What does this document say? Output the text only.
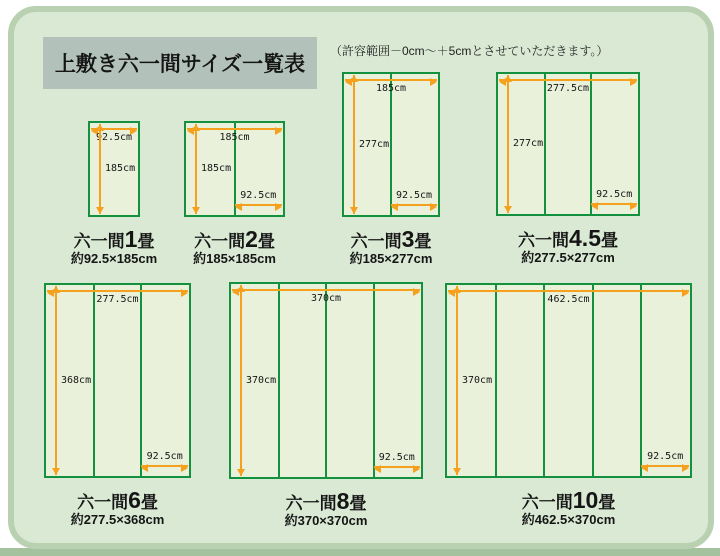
上敷き六一間サイズ一覧表
（許容範囲－0cm～＋5cmとさせていただきます。）
92.5cm
185cm
六一間1畳
約92.5×185cm
185cm
185cm
92.5cm
六一間2畳
約185×185cm
185cm
277cm
92.5cm
六一間3畳
約185×277cm
277.5cm
277cm
92.5cm
六一間4.5畳
約277.5×277cm
277.5cm
368cm
92.5cm
六一間6畳
約277.5×368cm
370cm
370cm
92.5cm
六一間8畳
約370×370cm
462.5cm
370cm
92.5cm
六一間10畳
約462.5×370cm
